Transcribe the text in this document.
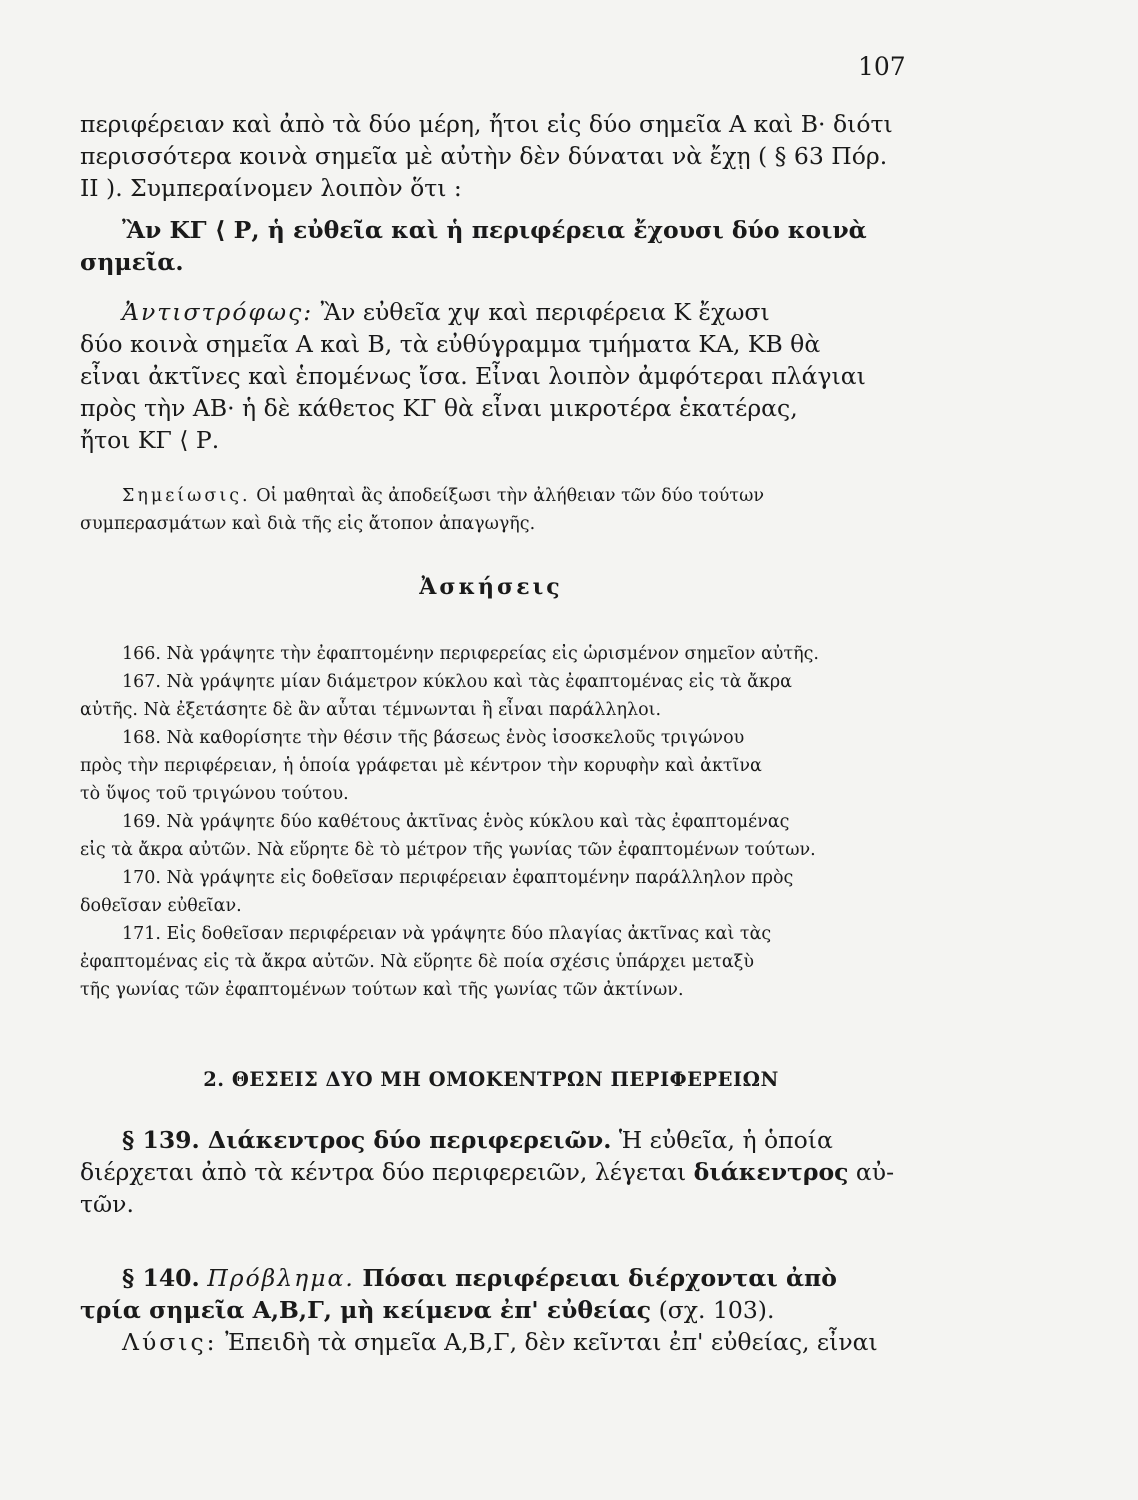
107

περιφέρειαν καὶ ἀπὸ τὰ δύο μέρη, ἤτοι εἰς δύο σημεῖα Α καὶ Β· διότι

περισσότερα κοινὰ σημεῖα μὲ αὐτὴν δὲν δύναται νὰ ἔχῃ ( § 63 Πόρ.

II ). Συμπεραίνομεν λοιπὸν ὅτι :

Ἂν ΚΓ ⟨ Ρ, ἡ εὐθεῖα καὶ ἡ περιφέρεια ἔχουσι δύο κοινὰ

σημεῖα.

Ἀντιστρόφως: Ἂν εὐθεῖα χψ καὶ περιφέρεια Κ ἔχωσι

δύο κοινὰ σημεῖα Α καὶ Β, τὰ εὐθύγραμμα τμήματα ΚΑ, ΚΒ θὰ

εἶναι ἀκτῖνες καὶ ἑπομένως ἴσα. Εἶναι λοιπὸν ἀμφότεραι πλάγιαι

πρὸς τὴν ΑΒ· ἡ δὲ κάθετος ΚΓ θὰ εἶναι μικροτέρα ἑκατέρας,

ἤτοι ΚΓ ⟨ Ρ.

Σημείωσις. Οἱ μαθηταὶ ἂς ἀποδείξωσι τὴν ἀλήθειαν τῶν δύο τούτων

συμπερασμάτων καὶ διὰ τῆς εἰς ἄτοπον ἀπαγωγῆς.

Ἀσκήσεις

166. Νὰ γράψητε τὴν ἐφαπτομένην περιφερείας εἰς ὡρισμένον σημεῖον αὐτῆς.

167. Νὰ γράψητε μίαν διάμετρον κύκλου καὶ τὰς ἐφαπτομένας εἰς τὰ ἄκρα

αὐτῆς. Νὰ ἐξετάσητε δὲ ἂν αὗται τέμνωνται ἢ εἶναι παράλληλοι.

168. Νὰ καθορίσητε τὴν θέσιν τῆς βάσεως ἑνὸς ἰσοσκελοῦς τριγώνου

πρὸς τὴν περιφέρειαν, ἡ ὁποία γράφεται μὲ κέντρον τὴν κορυφὴν καὶ ἀκτῖνα

τὸ ὕψος τοῦ τριγώνου τούτου.

169. Νὰ γράψητε δύο καθέτους ἀκτῖνας ἑνὸς κύκλου καὶ τὰς ἐφαπτομένας

εἰς τὰ ἄκρα αὐτῶν. Νὰ εὕρητε δὲ τὸ μέτρον τῆς γωνίας τῶν ἐφαπτομένων τούτων.

170. Νὰ γράψητε εἰς δοθεῖσαν περιφέρειαν ἐφαπτομένην παράλληλον πρὸς

δοθεῖσαν εὐθεῖαν.

171. Εἰς δοθεῖσαν περιφέρειαν νὰ γράψητε δύο πλαγίας ἀκτῖνας καὶ τὰς

ἐφαπτομένας εἰς τὰ ἄκρα αὐτῶν. Νὰ εὕρητε δὲ ποία σχέσις ὑπάρχει μεταξὺ

τῆς γωνίας τῶν ἐφαπτομένων τούτων καὶ τῆς γωνίας τῶν ἀκτίνων.

2. ΘΕΣΕΙΣ ΔΥΟ ΜΗ ΟΜΟΚΕΝΤΡΩΝ ΠΕΡΙΦΕΡΕΙΩΝ

§ 139. Διάκεντρος δύο περιφερειῶν. Ἡ εὐθεῖα, ἡ ὁποία

διέρχεται ἀπὸ τὰ κέντρα δύο περιφερειῶν, λέγεται διάκεντρος αὐ-

τῶν.

§ 140. Πρόβλημα. Πόσαι περιφέρειαι διέρχονται ἀπὸ

τρία σημεῖα Α,Β,Γ, μὴ κείμενα ἐπ' εὐθείας (σχ. 103).

Λύσις: Ἐπειδὴ τὰ σημεῖα Α,Β,Γ, δὲν κεῖνται ἐπ' εὐθείας, εἶναι
